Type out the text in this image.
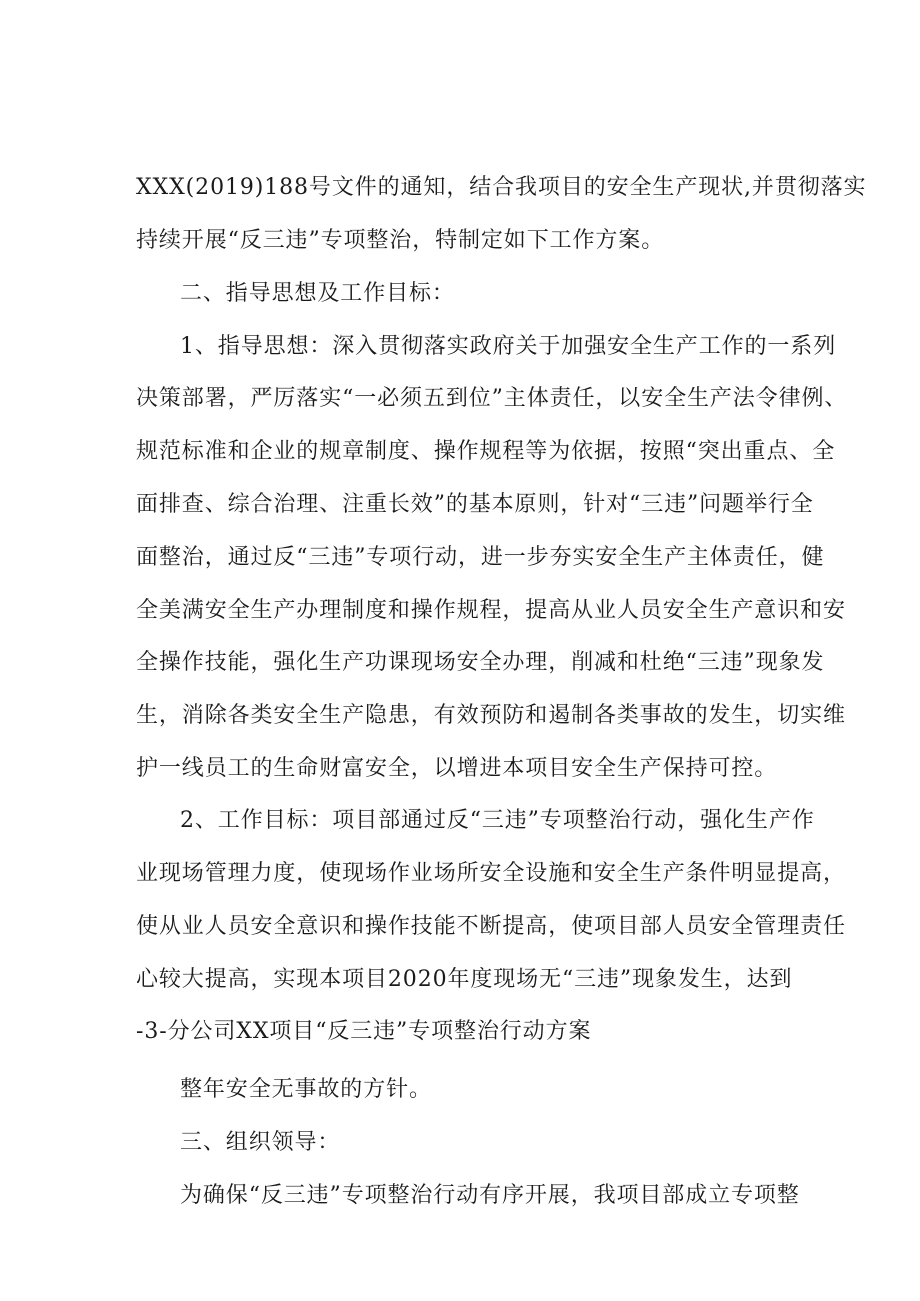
XXX(2019)188号文件的通知，结合我项目的安全生产现状,并贯彻落实
持续开展“反三违”专项整治，特制定如下工作方案。
二、指导思想及工作目标：
1、指导思想：深入贯彻落实政府关于加强安全生产工作的一系列
决策部署，严厉落实“一必须五到位”主体责任，以安全生产法令律例、
规范标准和企业的规章制度、操作规程等为依据，按照“突出重点、全
面排查、综合治理、注重长效”的基本原则，针对“三违”问题举行全
面整治，通过反“三违”专项行动，进一步夯实安全生产主体责任，健
全美满安全生产办理制度和操作规程，提高从业人员安全生产意识和安
全操作技能，强化生产功课现场安全办理，削减和杜绝“三违”现象发
生，消除各类安全生产隐患，有效预防和遏制各类事故的发生，切实维
护一线员工的生命财富安全，以增进本项目安全生产保持可控。
2、工作目标：项目部通过反“三违”专项整治行动，强化生产作
业现场管理力度，使现场作业场所安全设施和安全生产条件明显提高，
使从业人员安全意识和操作技能不断提高，使项目部人员安全管理责任
心较大提高，实现本项目2020年度现场无“三违”现象发生，达到
-3-分公司XX项目“反三违”专项整治行动方案
整年安全无事故的方针。
三、组织领导：
为确保“反三违”专项整治行动有序开展，我项目部成立专项整
